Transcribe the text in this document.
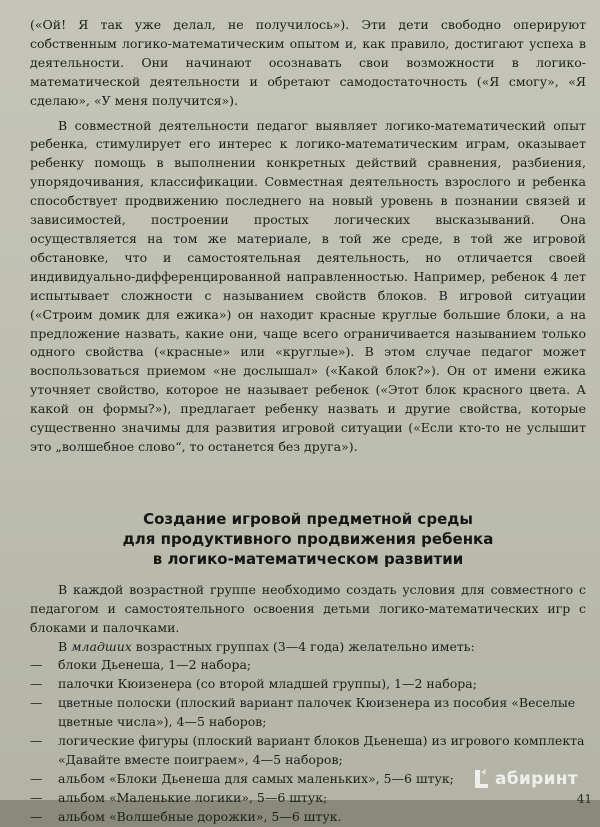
(«Ой! Я так уже делал, не получилось»). Эти дети свободно оперируют собственным логико-математическим опытом и, как правило, достигают успеха в деятельности. Они начинают осознавать свои возможности в логико-математической деятельности и обретают самодостаточность («Я смогу», «Я сделаю», «У меня получится»).

В совместной деятельности педагог выявляет логико-математический опыт ребенка, стимулирует его интерес к логико-математическим играм, оказывает ребенку помощь в выполнении конкретных действий сравнения, разбиения, упорядочивания, классификации. Совместная деятельность взрослого и ребенка способствует продвижению последнего на новый уровень в познании связей и зависимостей, построении простых логических высказываний. Она осуществляется на том же материале, в той же среде, в той же игровой обстановке, что и самостоятельная деятельность, но отличается своей индивидуально-дифференцированной направленностью. Например, ребенок 4 лет испытывает сложности с называнием свойств блоков. В игровой ситуации («Строим домик для ежика») он находит красные круглые большие блоки, а на предложение назвать, какие они, чаще всего ограничивается называнием только одного свойства («красные» или «круглые»). В этом случае педагог может воспользоваться приемом «не дослышал» («Какой блок?»). Он от имени ежика уточняет свойство, которое не называет ребенок («Этот блок красного цвета. А какой он формы?»), предлагает ребенку назвать и другие свойства, которые существенно значимы для развития игровой ситуации («Если кто-то не услышит это „волшебное слово“, то останется без друга»).

Создание игровой предметной среды
для продуктивного продвижения ребенка
в логико-математическом развитии

В каждой возрастной группе необходимо создать условия для совместного с педагогом и самостоятельного освоения детьми логико-математических игр с блоками и палочками.

В младших возрастных группах (3—4 года) желательно иметь:

— блоки Дьенеша, 1—2 набора;
— палочки Кюизенера (со второй младшей группы), 1—2 набора;
— цветные полоски (плоский вариант палочек Кюизенера из пособия «Веселые цветные числа»), 4—5 наборов;
— логические фигуры (плоский вариант блоков Дьенеша) из игрового комплекта «Давайте вместе поиграем», 4—5 наборов;
— альбом «Блоки Дьенеша для самых маленьких», 5—6 штук;
— альбом «Маленькие логики», 5—6 штук;
— альбом «Волшебные дорожки», 5—6 штук.
абиринт
41
